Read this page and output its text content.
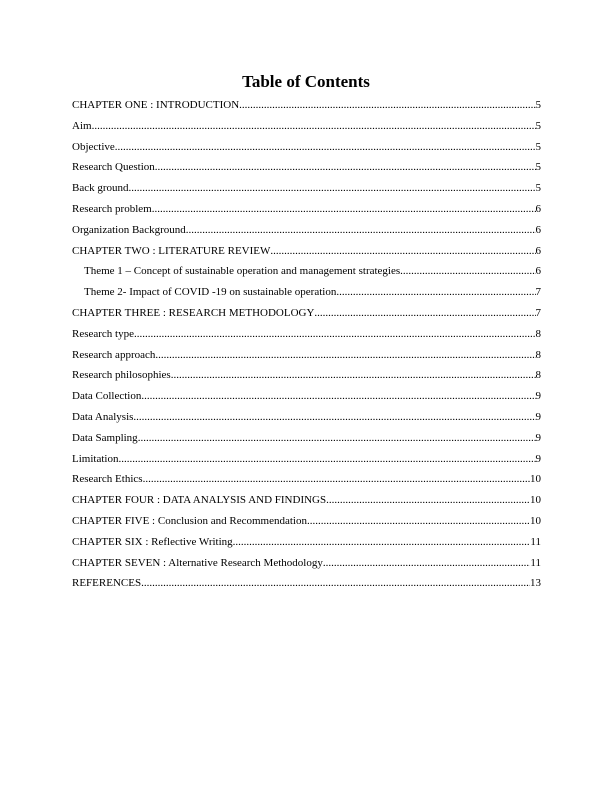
Table of Contents
CHAPTER ONE : INTRODUCTION .....	5
Aim .....	5
Objective .....	5
Research Question .....	5
Back ground .....	5
Research problem .....	6
Organization Background .....	6
CHAPTER TWO : LITERATURE REVIEW .....	6
Theme 1 – Concept of sustainable operation and management strategies .....	6
Theme 2- Impact of COVID -19 on sustainable operation .....	7
CHAPTER THREE : RESEARCH METHODOLOGY .....	7
Research type .....	8
Research approach .....	8
Research philosophies .....	8
Data Collection .....	9
Data Analysis .....	9
Data Sampling .....	9
Limitation .....	9
Research Ethics .....	10
CHAPTER FOUR : DATA ANALYSIS AND FINDINGS .....	10
CHAPTER FIVE : Conclusion and Recommendation .....	10
CHAPTER SIX : Reflective Writing .....	11
CHAPTER SEVEN : Alternative Research Methodology .....	11
REFERENCES .....	13
